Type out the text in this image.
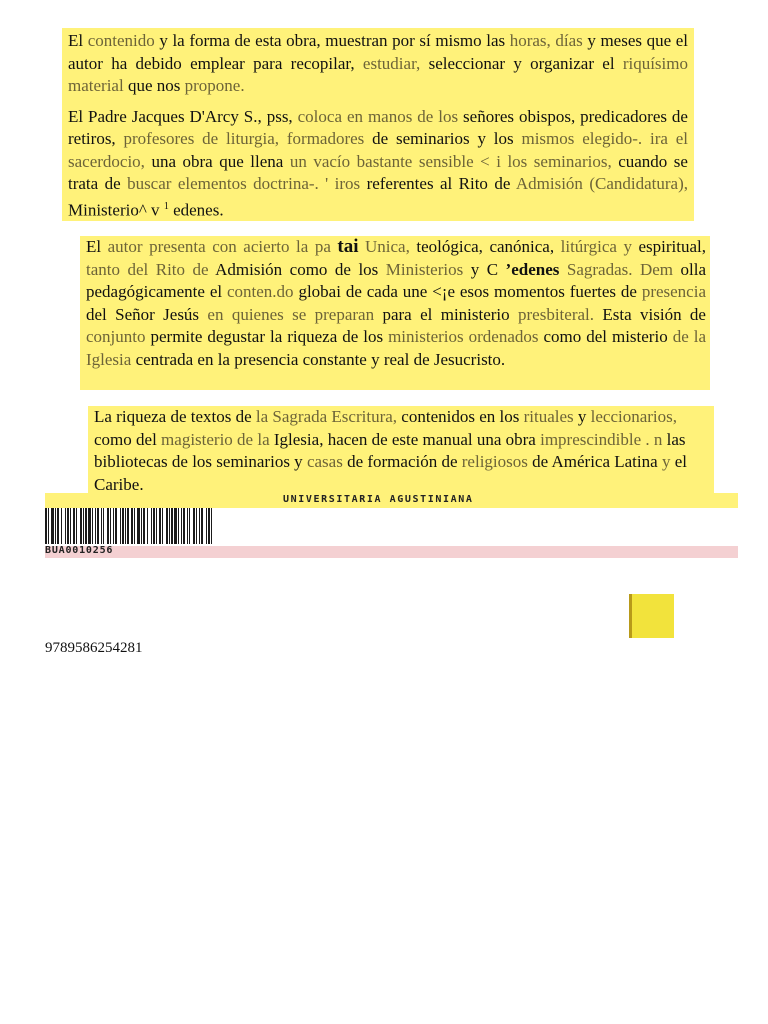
El contenido y la forma de esta obra, muestran por sí mismo las horas, días y meses que el autor ha debido emplear para recopilar, estudiar, seleccionar y organizar el riquísimo material que nos propone.

El Padre Jacques D'Arcy S., pss, coloca en manos de los señores obispos, predicadores de retiros, profesores de liturgia, formadores de seminarios y los mismos elegido-. ira el sacerdocio, una obra que llena un vacío bastante sensible < i los seminarios, cuando se trata de buscar elementos doctrina-. ' iros referentes al Rito de Admisión (Candidatura), Ministerio^ v $^1$ edenes.

El autor presenta con acierto la pa tai Unica, teológica, canónica, litúrgica y espiritual, tanto del Rito de Admisión como de los Ministerios y C ’edenes Sagradas. Dem olla pedagógicamente el conten.do globai de cada une <¡e esos momentos fuertes de presencia del Señor Jesús en quienes se preparan para el ministerio presbiteral. Esta visión de conjunto permite degustar la riqueza de los ministerios ordenados como del misterio de la Iglesia centrada en la presencia constante y real de Jesucristo.

La riqueza de textos de la Sagrada Escritura, contenidos en los rituales y leccionarios, como del magisterio de la Iglesia, hacen de este manual una obra imprescindible . n las bibliotecas de los seminarios y casas de formación de religiosos de América Latina y el Caribe.

UNIVERSITARIA AGUSTINIANA
BUA0010256
9789586254281
